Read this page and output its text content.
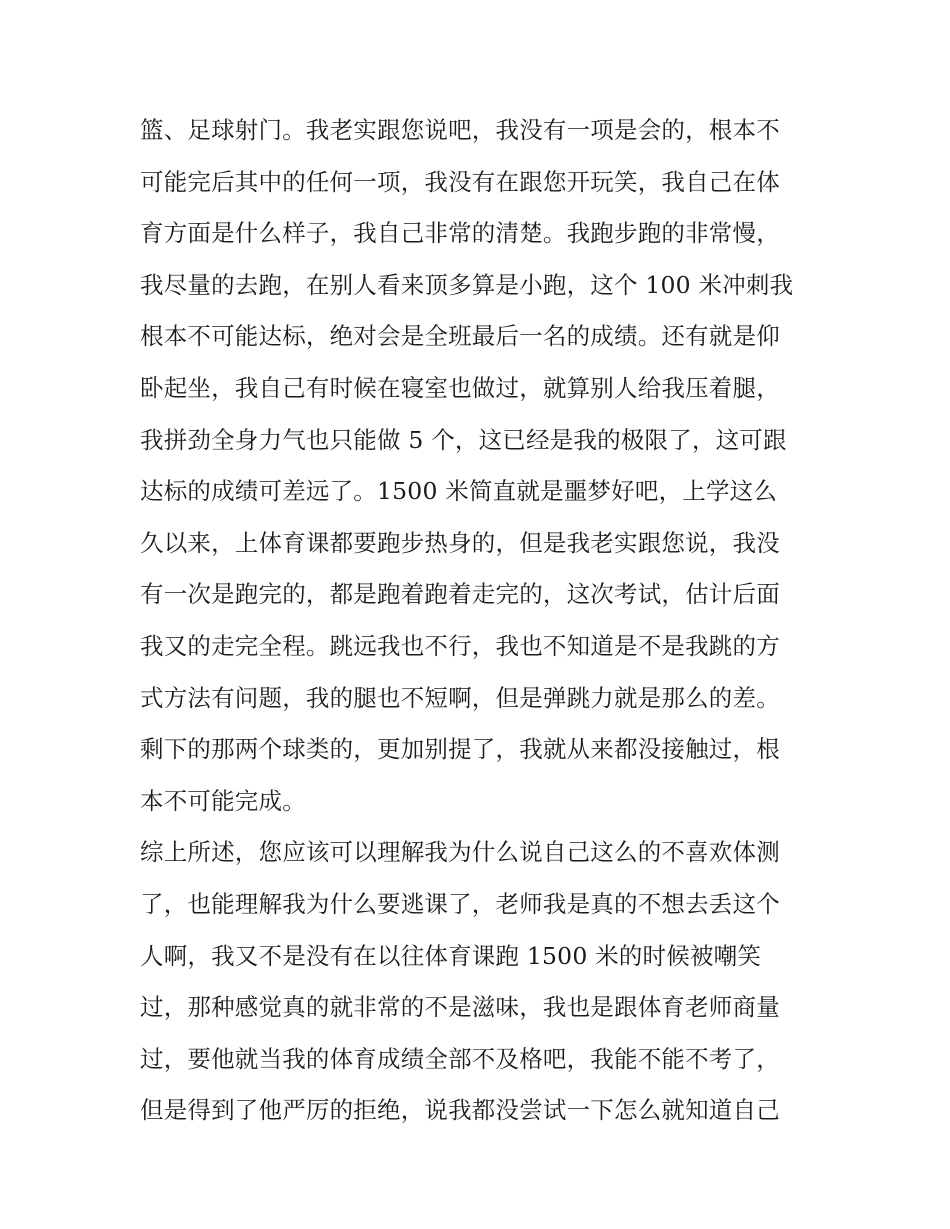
篮、足球射门。我老实跟您说吧，我没有一项是会的，根本不
可能完后其中的任何一项，我没有在跟您开玩笑，我自己在体
育方面是什么样子，我自己非常的清楚。我跑步跑的非常慢，
我尽量的去跑，在别人看来顶多算是小跑，这个 100 米冲刺我
根本不可能达标，绝对会是全班最后一名的成绩。还有就是仰
卧起坐，我自己有时候在寝室也做过，就算别人给我压着腿，
我拼劲全身力气也只能做 5 个，这已经是我的极限了，这可跟
达标的成绩可差远了。1500 米简直就是噩梦好吧，上学这么
久以来，上体育课都要跑步热身的，但是我老实跟您说，我没
有一次是跑完的，都是跑着跑着走完的，这次考试，估计后面
我又的走完全程。跳远我也不行，我也不知道是不是我跳的方
式方法有问题，我的腿也不短啊，但是弹跳力就是那么的差。
剩下的那两个球类的，更加别提了，我就从来都没接触过，根
本不可能完成。
综上所述，您应该可以理解我为什么说自己这么的不喜欢体测
了，也能理解我为什么要逃课了，老师我是真的不想去丢这个
人啊，我又不是没有在以往体育课跑 1500 米的时候被嘲笑
过，那种感觉真的就非常的不是滋味，我也是跟体育老师商量
过，要他就当我的体育成绩全部不及格吧，我能不能不考了，
但是得到了他严厉的拒绝，说我都没尝试一下怎么就知道自己
